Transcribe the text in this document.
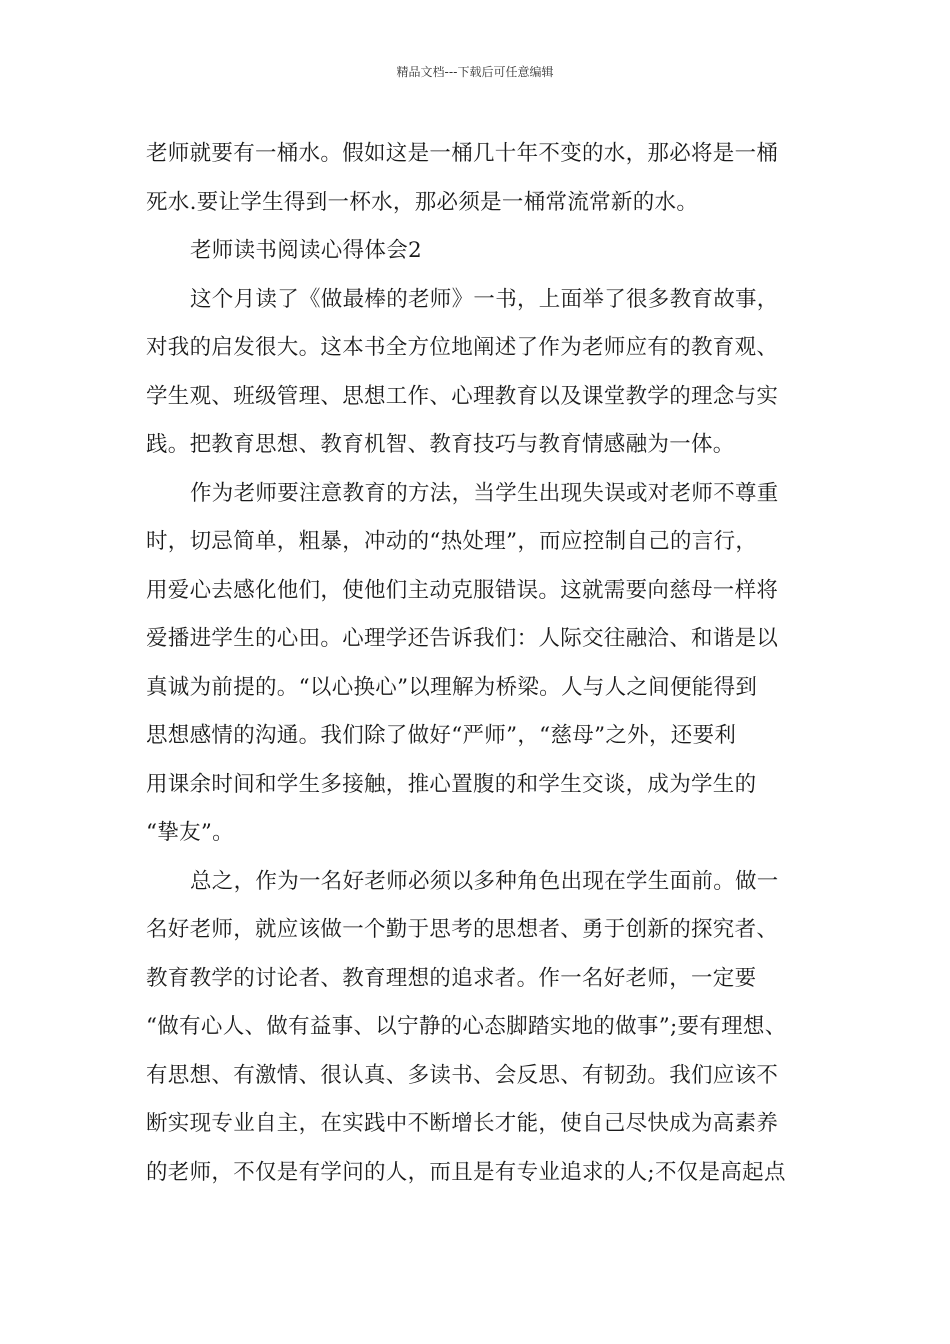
精品文档---下载后可任意编辑
老师就要有一桶水。假如这是一桶几十年不变的水，那必将是一桶
死水.要让学生得到一杯水，那必须是一桶常流常新的水。
老师读书阅读心得体会2
这个月读了《做最棒的老师》一书，上面举了很多教育故事，
对我的启发很大。这本书全方位地阐述了作为老师应有的教育观、
学生观、班级管理、思想工作、心理教育以及课堂教学的理念与实
践。把教育思想、教育机智、教育技巧与教育情感融为一体。
作为老师要注意教育的方法，当学生出现失误或对老师不尊重
时，切忌简单，粗暴，冲动的“热处理”，而应控制自己的言行，
用爱心去感化他们，使他们主动克服错误。这就需要向慈母一样将
爱播进学生的心田。心理学还告诉我们：人际交往融洽、和谐是以
真诚为前提的。“以心换心”以理解为桥梁。人与人之间便能得到
思想感情的沟通。我们除了做好“严师”，“慈母”之外，还要利
用课余时间和学生多接触，推心置腹的和学生交谈，成为学生的
“挚友”。
总之，作为一名好老师必须以多种角色出现在学生面前。做一
名好老师，就应该做一个勤于思考的思想者、勇于创新的探究者、
教育教学的讨论者、教育理想的追求者。作一名好老师，一定要
“做有心人、做有益事、以宁静的心态脚踏实地的做事”;要有理想、
有思想、有激情、很认真、多读书、会反思、有韧劲。我们应该不
断实现专业自主，在实践中不断增长才能，使自己尽快成为高素养
的老师，不仅是有学问的人，而且是有专业追求的人;不仅是高起点
